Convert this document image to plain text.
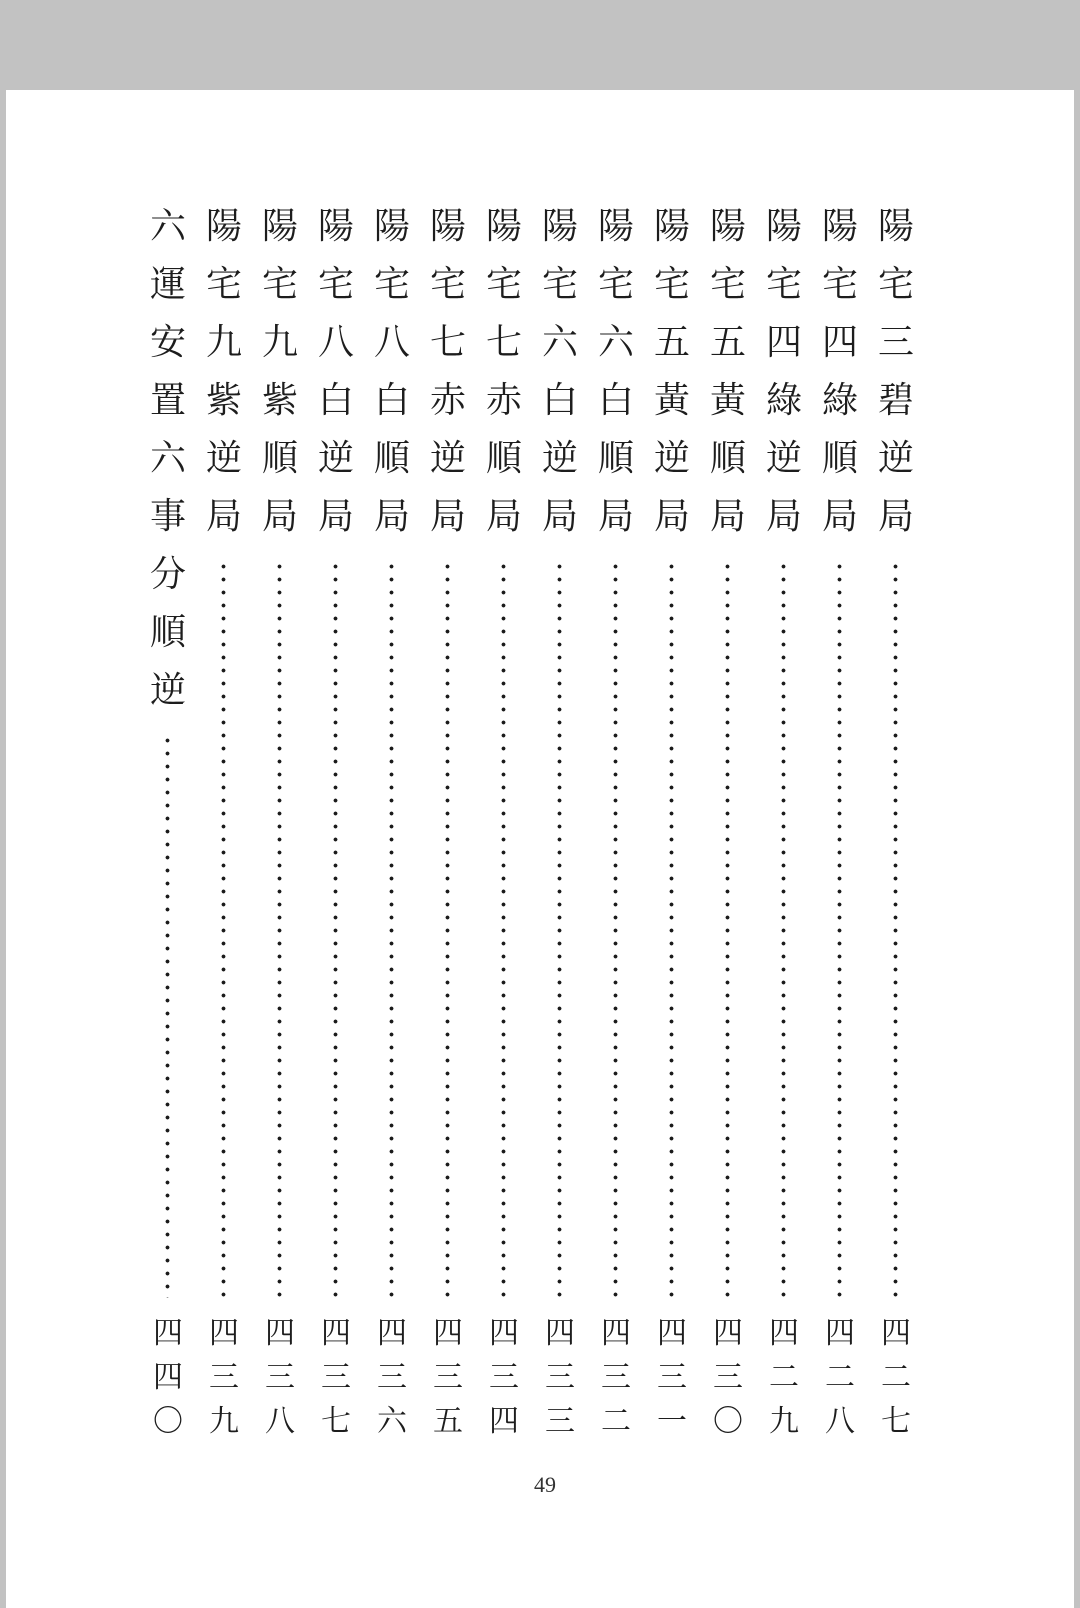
陽宅三碧逆局
四二七
陽宅四綠順局
四二八
陽宅四綠逆局
四二九
陽宅五黃順局
四三〇
陽宅五黃逆局
四三一
陽宅六白順局
四三二
陽宅六白逆局
四三三
陽宅七赤順局
四三四
陽宅七赤逆局
四三五
陽宅八白順局
四三六
陽宅八白逆局
四三七
陽宅九紫順局
四三八
陽宅九紫逆局
四三九
六運安置六事分順逆
四四〇
49
